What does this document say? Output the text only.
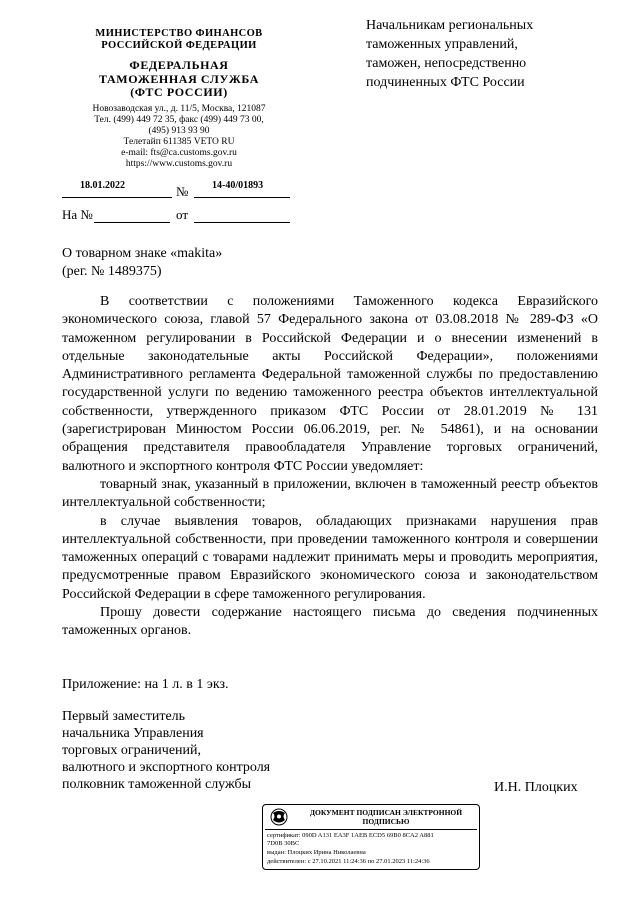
МИНИСТЕРСТВО ФИНАНСОВ
РОССИЙСКОЙ ФЕДЕРАЦИИ
ФЕДЕРАЛЬНАЯ
ТАМОЖЕННАЯ СЛУЖБА
(ФТС РОССИИ)
Новозаводская ул., д. 11/5, Москва, 121087
Тел. (499) 449 72 35, факс (499) 449 73 00,
(495) 913 93 90
Телетайп 611385 VETO RU
e-mail: fts@ca.customs.gov.ru
https://www.customs.gov.ru
18.01.2022	№ 14-40/01893
На №	от
Начальникам региональных
таможенных управлений,
таможен, непосредственно
подчиненных ФТС России
О товарном знаке «makita»
(рег. № 1489375)

В соответствии с положениями Таможенного кодекса Евразийского экономического союза, главой 57 Федерального закона от 03.08.2018 № 289-ФЗ «О таможенном регулировании в Российской Федерации и о внесении изменений в отдельные законодательные акты Российской Федерации», положениями Административного регламента Федеральной таможенной службы по предоставлению государственной услуги по ведению таможенного реестра объектов интеллектуальной собственности, утвержденного приказом ФТС России от 28.01.2019 № 131 (зарегистрирован Минюстом России 06.06.2019, рег. № 54861), и на основании обращения представителя правообладателя Управление торговых ограничений, валютного и экспортного контроля ФТС России уведомляет:

товарный знак, указанный в приложении, включен в таможенный реестр объектов интеллектуальной собственности;

в случае выявления товаров, обладающих признаками нарушения прав интеллектуальной собственности, при проведении таможенного контроля и совершении таможенных операций с товарами надлежит принимать меры и проводить мероприятия, предусмотренные правом Евразийского экономического союза и законодательством Российской Федерации в сфере таможенного регулирования.

Прошу довести содержание настоящего письма до сведения подчиненных таможенных органов.

Приложение: на 1 л. в 1 экз.
Первый заместитель
начальника Управления
торговых ограничений,
валютного и экспортного контроля
полковник таможенной службы	И.Н. Плоцких
ДОКУМЕНТ ПОДПИСАН ЭЛЕКТРОННОЙ
ПОДПИСЬЮ
сертификат: 090D A131 EA3F 1AEB ECD5 69B0 8CA2 A881
7D0B 30BC
выдан: Плоцких Ирина Николаевна
действителен: с 27.10.2021 11:24:36 по 27.01.2023 11:24:36
